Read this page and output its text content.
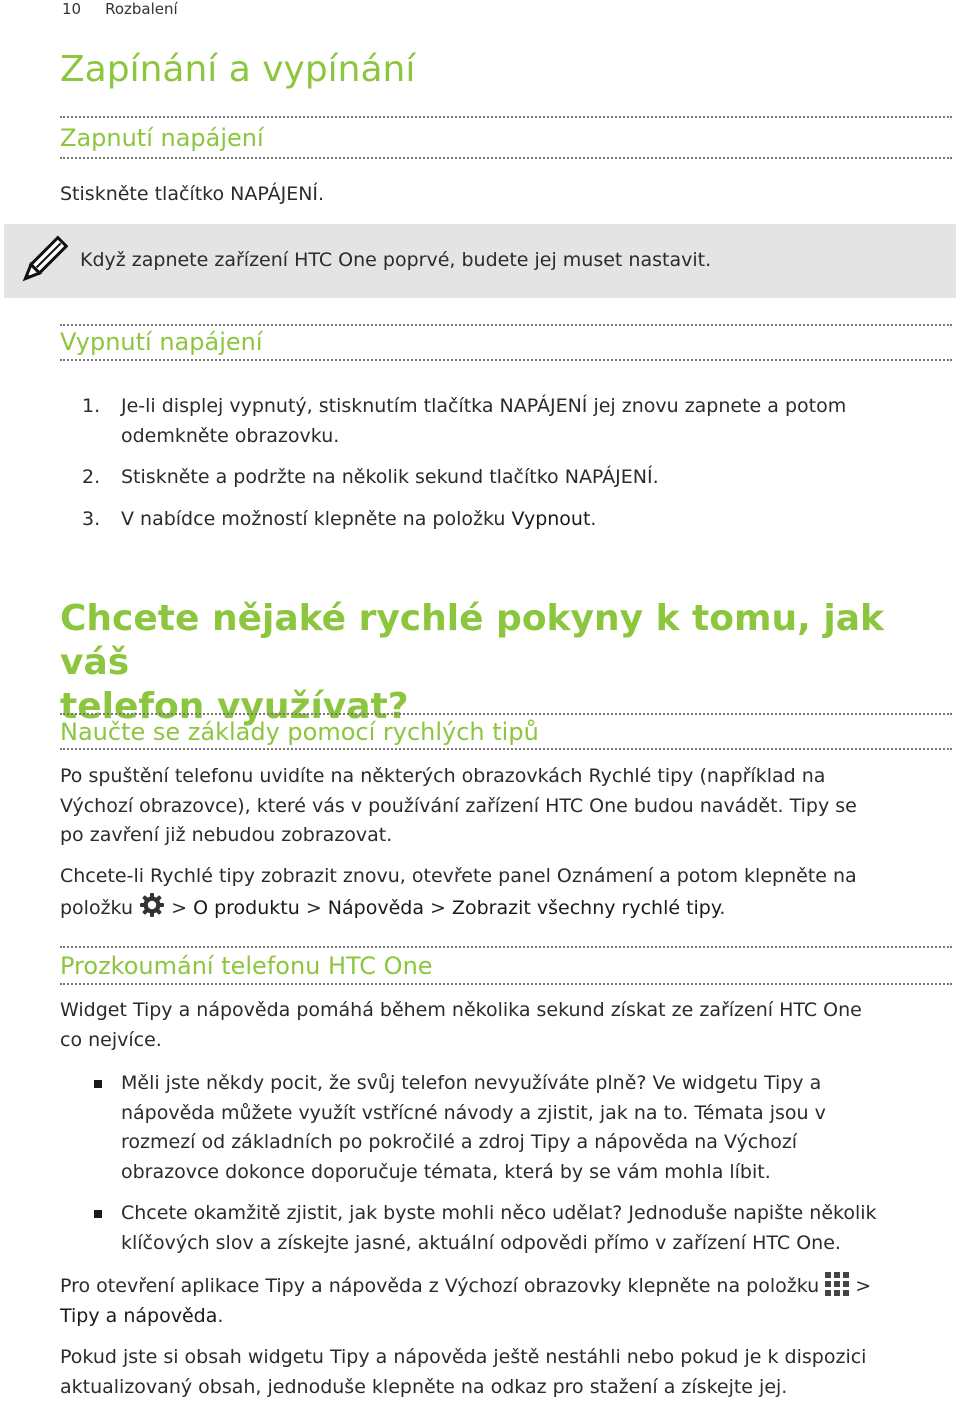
10 Rozbalení
Zapínání a vypínání
Zapnutí napájení

Stiskněte tlačítko NAPÁJENÍ.

Když zapnete zařízení HTC One poprvé, budete jej muset nastavit.
Vypnutí napájení
1. Je-li displej vypnutý, stisknutím tlačítka NAPÁJENÍ jej znovu zapnete a potom
odemkněte obrazovku.
2. Stiskněte a podržte na několik sekund tlačítko NAPÁJENÍ.
3. V nabídce možností klepněte na položku Vypnout.
Chcete nějaké rychlé pokyny k tomu, jak váš
telefon využívat?
Naučte se základy pomocí rychlých tipů
Po spuštění telefonu uvidíte na některých obrazovkách Rychlé tipy (například na
Výchozí obrazovce), které vás v používání zařízení HTC One budou navádět. Tipy se
po zavření již nebudou zobrazovat.
Chcete-li Rychlé tipy zobrazit znovu, otevřete panel Oznámení a potom klepněte na
položku > O produktu > Nápověda > Zobrazit všechny rychlé tipy.
Prozkoumání telefonu HTC One
Widget Tipy a nápověda pomáhá během několika sekund získat ze zařízení HTC One
co nejvíce.
Měli jste někdy pocit, že svůj telefon nevyužíváte plně? Ve widgetu Tipy a
nápověda můžete využít vstřícné návody a zjistit, jak na to. Témata jsou v
rozmezí od základních po pokročilé a zdroj Tipy a nápověda na Výchozí
obrazovce dokonce doporučuje témata, která by se vám mohla líbit.
Chcete okamžitě zjistit, jak byste mohli něco udělat? Jednoduše napište několik
klíčových slov a získejte jasné, aktuální odpovědi přímo v zařízení HTC One.
Pro otevření aplikace Tipy a nápověda z Výchozí obrazovky klepněte na položku >
Tipy a nápověda.
Pokud jste si obsah widgetu Tipy a nápověda ještě nestáhli nebo pokud je k dispozici
aktualizovaný obsah, jednoduše klepněte na odkaz pro stažení a získejte jej.
